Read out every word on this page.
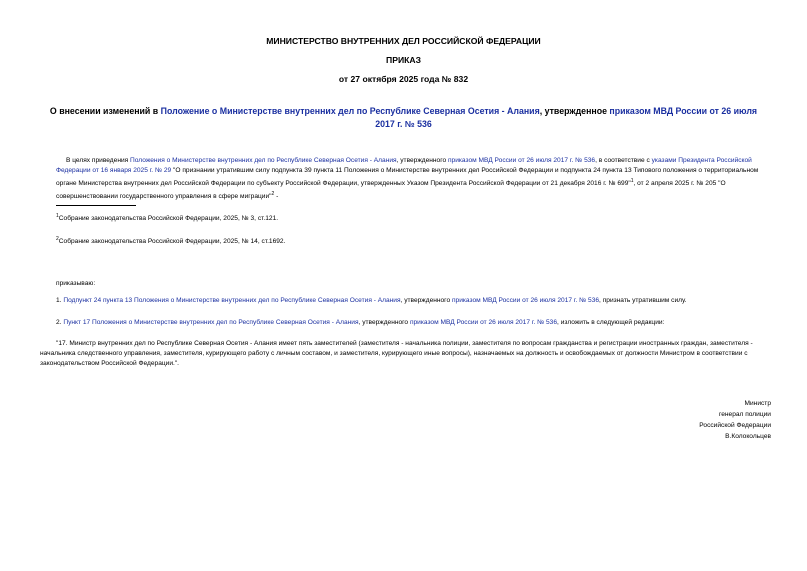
МИНИСТЕРСТВО ВНУТРЕННИХ ДЕЛ РОССИЙСКОЙ ФЕДЕРАЦИИ
ПРИКАЗ
от 27 октября 2025 года № 832
О внесении изменений в Положение о Министерстве внутренних дел по Республике Северная Осетия - Алания, утвержденное приказом МВД России от 26 июля 2017 г. № 536
В целях приведения Положения о Министерстве внутренних дел по Республике Северная Осетия - Алания, утвержденного приказом МВД России от 26 июля 2017 г. № 536, в соответствие с указами Президента Российской Федерации от 16 января 2025 г. № 29 "О признании утратившим силу подпункта 39 пункта 11 Положения о Министерстве внутренних дел Российской Федерации и подпункта 24 пункта 13 Типового положения о территориальном органе Министерства внутренних дел Российской Федерации по субъекту Российской Федерации, утвержденных Указом Президента Российской Федерации от 21 декабря 2016 г. № 699"$^1$, от 2 апреля 2025 г. № 205 "О совершенствовании государственного управления в сфере миграции"$^2$ -
$^1$Собрание законодательства Российской Федерации, 2025, № 3, ст.121.
$^2$Собрание законодательства Российской Федерации, 2025, № 14, ст.1692.
приказываю:
1. Подпункт 24 пункта 13 Положения о Министерстве внутренних дел по Республике Северная Осетия - Алания, утвержденного приказом МВД России от 26 июля 2017 г. № 536, признать утратившим силу.
2. Пункт 17 Положения о Министерстве внутренних дел по Республике Северная Осетия - Алания, утвержденного приказом МВД России от 26 июля 2017 г. № 536, изложить в следующей редакции:
"17. Министр внутренних дел по Республике Северная Осетия - Алания имеет пять заместителей (заместителя - начальника полиции, заместителя по вопросам гражданства и регистрации иностранных граждан, заместителя - начальника следственного управления, заместителя, курирующего работу с личным составом, и заместителя, курирующего иные вопросы), назначаемых на должность и освобождаемых от должности Министром в соответствии с законодательством Российской Федерации.".
Министр
генерал полиции
Российской Федерации
В.Колокольцев
